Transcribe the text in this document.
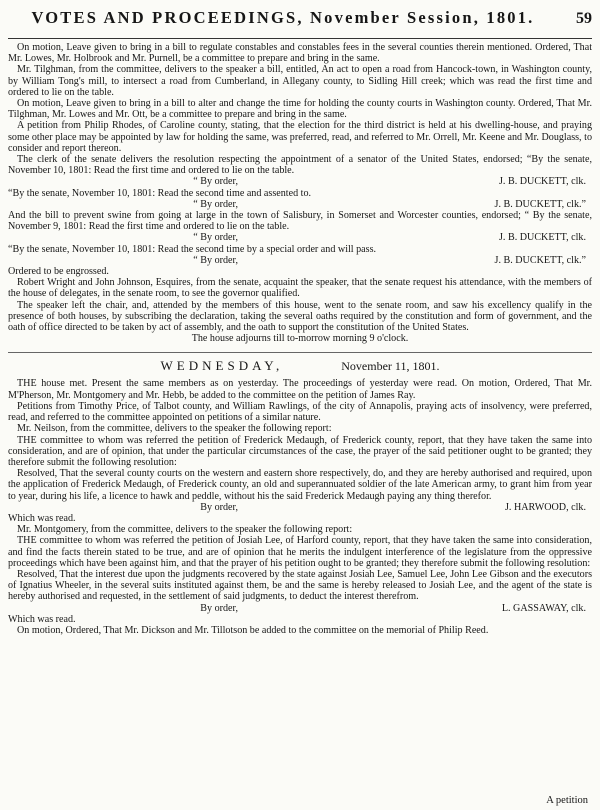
VOTES AND PROCEEDINGS, November Session, 1801.	59

On motion, Leave given to bring in a bill to regulate constables and constables fees in the several counties therein mentioned. Ordered, That Mr. Lowes, Mr. Holbrook and Mr. Purnell, be a committee to prepare and bring in the same.

Mr. Tilghman, from the committee, delivers to the speaker a bill, entitled, An act to open a road from Hancock-town, in Washington county, by William Tong's mill, to intersect a road from Cumberland, in Allegany county, to Sidling Hill creek; which was read the first time and ordered to lie on the table.

On motion, Leave given to bring in a bill to alter and change the time for holding the county courts in Washington county. Ordered, That Mr. Tilghman, Mr. Lowes and Mr. Ott, be a committee to prepare and bring in the same.

A petition from Philip Rhodes, of Caroline county, stating, that the election for the third district is held at his dwelling-house, and praying some other place may be appointed by law for holding the same, was preferred, read, and referred to Mr. Orrell, Mr. Keene and Mr. Douglass, to consider and report thereon.

The clerk of the senate delivers the resolution respecting the appointment of a senator of the United States, endorsed; “By the senate, November 10, 1801: Read the first time and ordered to lie on the table.

“ By order,	J. B. DUCKETT, clk.

“By the senate, November 10, 1801: Read the second time and assented to.

“ By order,	J. B. DUCKETT, clk.”

And the bill to prevent swine from going at large in the town of Salisbury, in Somerset and Worcester counties, endorsed; “ By the senate, November 9, 1801: Read the first time and ordered to lie on the table.

“ By order,	J. B. DUCKETT, clk.

“By the senate, November 10, 1801: Read the second time by a special order and will pass.

“ By order,	J. B. DUCKETT, clk.”

Ordered to be engrossed.

Robert Wright and John Johnson, Esquires, from the senate, acquaint the speaker, that the senate request his attendance, with the members of the house of delegates, in the senate room, to see the governor qualified.

The speaker left the chair, and, attended by the members of this house, went to the senate room, and saw his excellency qualify in the presence of both houses, by subscribing the declaration, taking the several oaths required by the constitution and form of government, and the oath of office directed to be taken by act of assembly, and the oath to support the constitution of the United States.

The house adjourns till to-morrow morning 9 o'clock.

WEDNESDAY,	November 11, 1801.

THE house met. Present the same members as on yesterday. The proceedings of yesterday were read. On motion, Ordered, That Mr. M'Pherson, Mr. Montgomery and Mr. Hebb, be added to the committee on the petition of James Ray.

Petitions from Timothy Price, of Talbot county, and William Rawlings, of the city of Annapolis, praying acts of insolvency, were preferred, read, and referred to the committee appointed on petitions of a similar nature.

Mr. Neilson, from the committee, delivers to the speaker the following report:

THE committee to whom was referred the petition of Frederick Medaugh, of Frederick county, report, that they have taken the same into consideration, and are of opinion, that under the particular circumstances of the case, the prayer of the said petitioner ought to be granted; they therefore submit the following resolution:

Resolved, That the several county courts on the western and eastern shore respectively, do, and they are hereby authorised and required, upon the application of Frederick Medaugh, of Frederick county, an old and superannuated soldier of the late American army, to grant him from year to year, during his life, a licence to hawk and peddle, without his the said Frederick Medaugh paying any thing therefor.

By order,	J. HARWOOD, clk.

Which was read.

Mr. Montgomery, from the committee, delivers to the speaker the following report:

THE committee to whom was referred the petition of Josiah Lee, of Harford county, report, that they have taken the same into consideration, and find the facts therein stated to be true, and are of opinion that he merits the indulgent interference of the legislature from the oppressive proceedings which have been against him, and that the prayer of his petition ought to be granted; they therefore submit the following resolution:

Resolved, That the interest due upon the judgments recovered by the state against Josiah Lee, Samuel Lee, John Lee Gibson and the executors of Ignatius Wheeler, in the several suits instituted against them, be and the same is hereby released to Josiah Lee, and the agent of the state is hereby authorised and requested, in the settlement of said judgments, to deduct the interest therefrom.

By order,	L. GASSAWAY, clk.

Which was read.

On motion, Ordered, That Mr. Dickson and Mr. Tillotson be added to the committee on the memorial of Philip Reed.

A petition
